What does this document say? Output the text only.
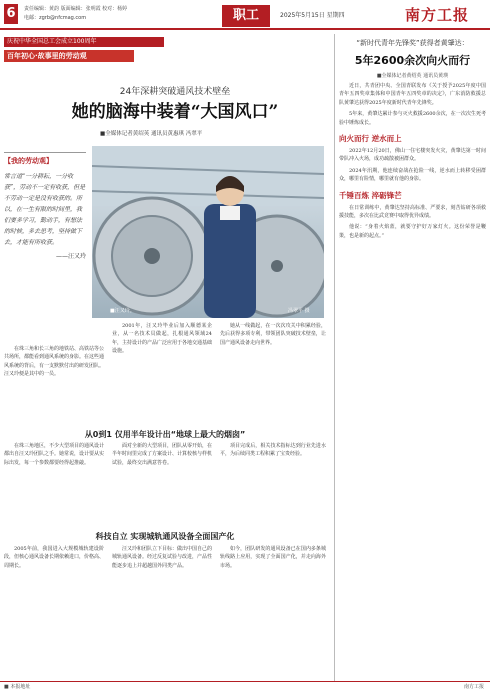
6	责任编辑：黄韵 版面编辑：张明霞 校对：杨婷
电邮：zgrb@nfcmag.com	职工	2025年5月15日 星期四	南方工报
庆祝中华全国总工会成立100周年
百年初心·故事里的劳动观
24年深耕突破通风技术壁垒
她的脑海中装着“大国风口”
■全媒体记者黄绍英 通讯员黄惠琪 冯翠平
【我的劳动观】
常言道“一分耕耘，一分收获”，劳动不一定有收获，但是不劳动一定是没有收获的。所以，在一生有限的时间里，我们要多学习，勤动手，有想法的时候，多去思考，坚持做下去，才能有所收获。
——汪又玲
■汪又玲。	冯翠平 摄
在珠三角和长三角的地铁站、高铁站等公共场所，都能看到通风系统的身影。在这些通风系统的背后，有一支默默付出的研发团队。汪又玲便是其中的一员。
2001年，汪又玲毕业后加入顺德某企业，从一名技术员做起，扎根通风领域24年，主持设计的产品广泛应用于各地交通基础设施。
她从一线做起，在一次次攻关中积累经验，先后获得多项专利，带领团队突破技术壁垒，让国产通风设备走向世界。
从0到1 仅用半年设计出“地球上最大的烟囱”
在珠三角地区，不少大型项目的通风设计都出自汪又玲团队之手。她常说，设计要从实际出发，每一个参数都要经得起推敲。
面对全新的大型项目，团队从零开始，在半年时间里完成了方案设计、计算校核与样机试验，最终交出满意答卷。
项目完成后，相关技术指标达到行业先进水平，为后续同类工程积累了宝贵经验。
科技自立 实现城轨通风设备全面国产化
2005年前，我国进入大规模城轨建设阶段，但核心通风设备长期依赖进口，价格高、周期长。
汪又玲和团队立下目标：做出中国自己的城轨通风设备。经过反复试验与改进，产品性能逐步追上并超越国外同类产品。
如今，团队研发的通风设备已在国内多条城轨线路上应用，实现了全面国产化，并走向海外市场。
“新时代青年先锋奖”获得者黄肇达：
5年2600余次向火而行
■全媒体记者黄绍英 通讯员黄瑛
近日，共青团中央、全国青联发布《关于授予2025年度中国青年五四奖章集体和中国青年五四奖章的决定》，广东消防救援总队黄肇达获得2025年度新时代青年先锋奖。
5年来，黄肇达累计参与灭火救援2600余次，在一次次生死考验中锤炼成长。
向火而行 逆水而上
2022年12月20日，佛山一住宅楼突发火灾，黄肇达第一时间带队冲入火场，成功疏散被困群众。
2024年汛期，他连续奋战在抢险一线，逆水而上转移受困群众，哪里有险情，哪里就有他的身影。
千锤百炼 淬砺锋芒
在日常训练中，黄肇达坚持高标准、严要求，刻苦钻研各项救援技能，多次在比武竞赛中取得优异成绩。
他说：“身着火焰蓝，就要守护好万家灯火。这份荣誉是鞭策，也是新的起点。”
■ 本报地址	南方工报
